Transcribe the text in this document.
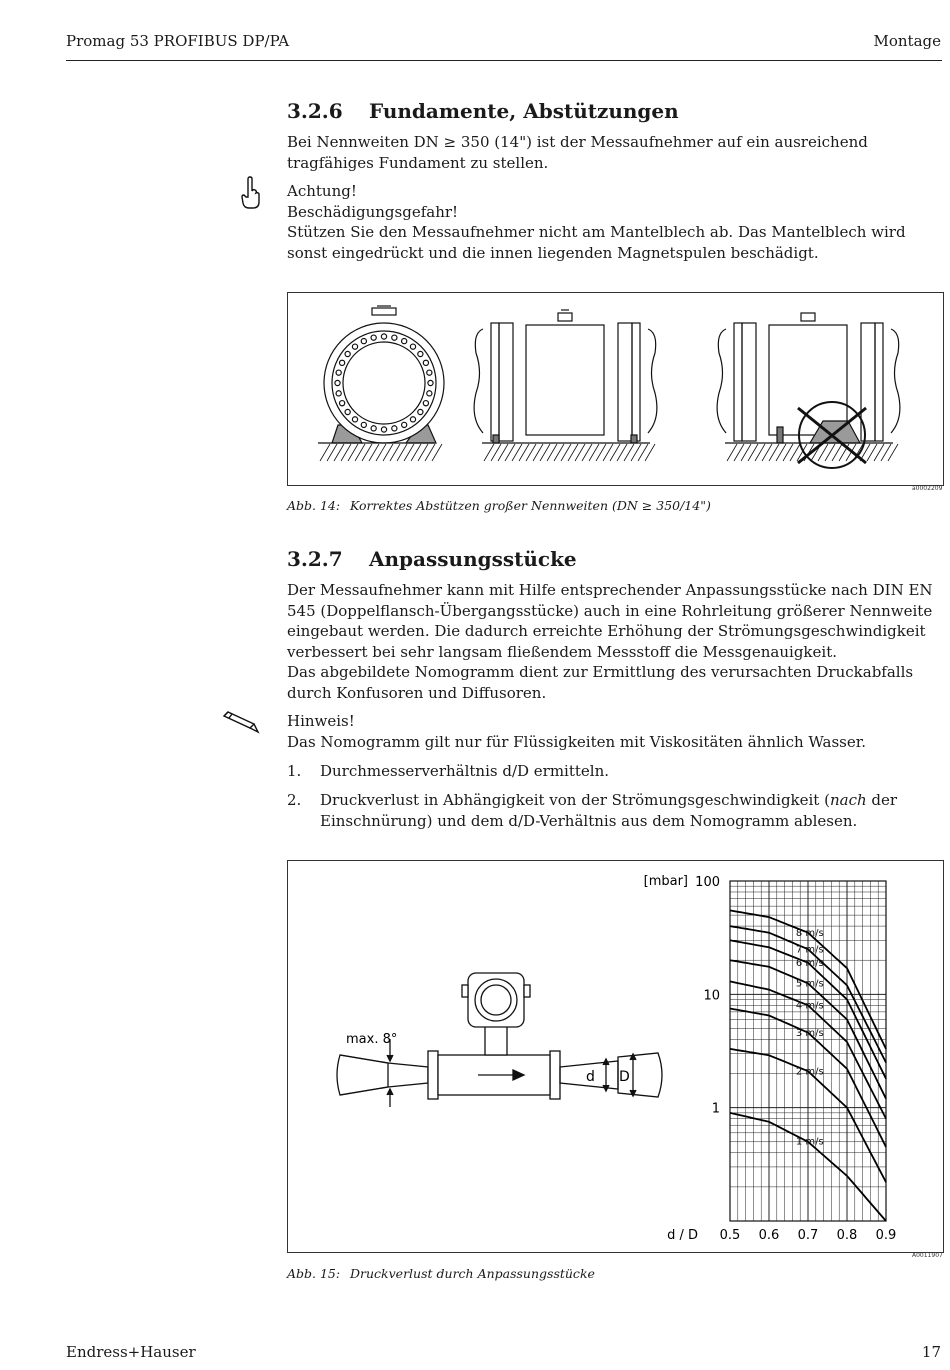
Promag 53 PROFIBUS DP/PA	Montage
3.2.6 Fundamente, Abstützungen

Bei Nennweiten DN ≥ 350 (14") ist der Messaufnehmer auf ein ausreichend tragfähiges Fundament zu stellen.

Achtung!

Beschädigungsgefahr!

Stützen Sie den Messaufnehmer nicht am Mantelblech ab. Das Mantelblech wird sonst eingedrückt und die innen liegenden Magnetspulen beschädigt.

a0002209
Abb. 14: Korrektes Abstützen großer Nennweiten (DN ≥ 350/14")
3.2.7 Anpassungsstücke

Der Messaufnehmer kann mit Hilfe entsprechender Anpassungsstücke nach DIN EN 545 (Doppelflansch-Übergangsstücke) auch in eine Rohrleitung größerer Nennweite eingebaut werden. Die dadurch erreichte Erhöhung der Strömungsgeschwindigkeit verbessert bei sehr langsam fließendem Messstoff die Messgenauigkeit.

Das abgebildete Nomogramm dient zur Ermittlung des verursachten Druckabfalls durch Konfusoren und Diffusoren.

Hinweis!

Das Nomogramm gilt nur für Flüssigkeiten mit Viskositäten ähnlich Wasser.

1. Durchmesserverhältnis d/D ermitteln.
2. Druckverlust in Abhängigkeit von der Strömungsgeschwindigkeit (nach der Einschnürung) und dem d/D-Verhältnis aus dem Nomogramm ablesen.
max. 8°
d D
8 m/s
7 m/s
6 m/s
5 m/s
4 m/s
3 m/s
2 m/s
1 m/s
100
10
1
0.5 0.6 0.7 0.8 0.9
[mbar]
d / D
A0011907
Abb. 15: Druckverlust durch Anpassungsstücke
Endress+Hauser	17
